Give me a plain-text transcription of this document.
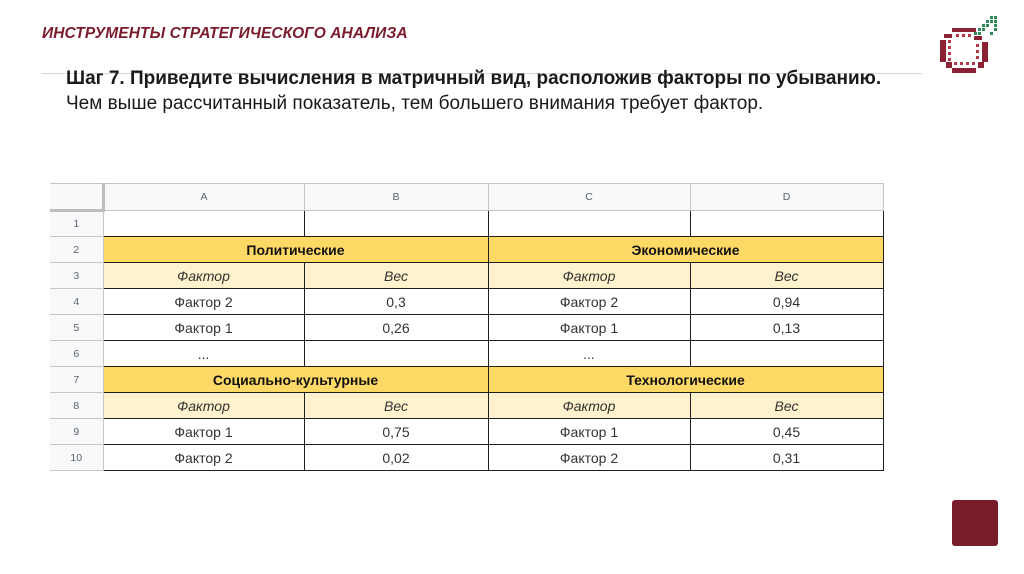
ИНСТРУМЕНТЫ СТРАТЕГИЧЕСКОГО АНАЛИЗА
Шаг 7. Приведите вычисления в матричный вид, расположив факторы по убыванию. Чем выше рассчитанный показатель, тем большего внимания требует фактор.
	A	B	C	D
1				
2	Политические		Экономические	
3	Фактор	Вес	Фактор	Вес
4	Фактор 2	0,3	Фактор 2	0,94
5	Фактор 1	0,26	Фактор 1	0,13
6	...		...	
7	Социально-культурные		Технологические	
8	Фактор	Вес	Фактор	Вес
9	Фактор 1	0,75	Фактор 1	0,45
10	Фактор 2	0,02	Фактор 2	0,31
